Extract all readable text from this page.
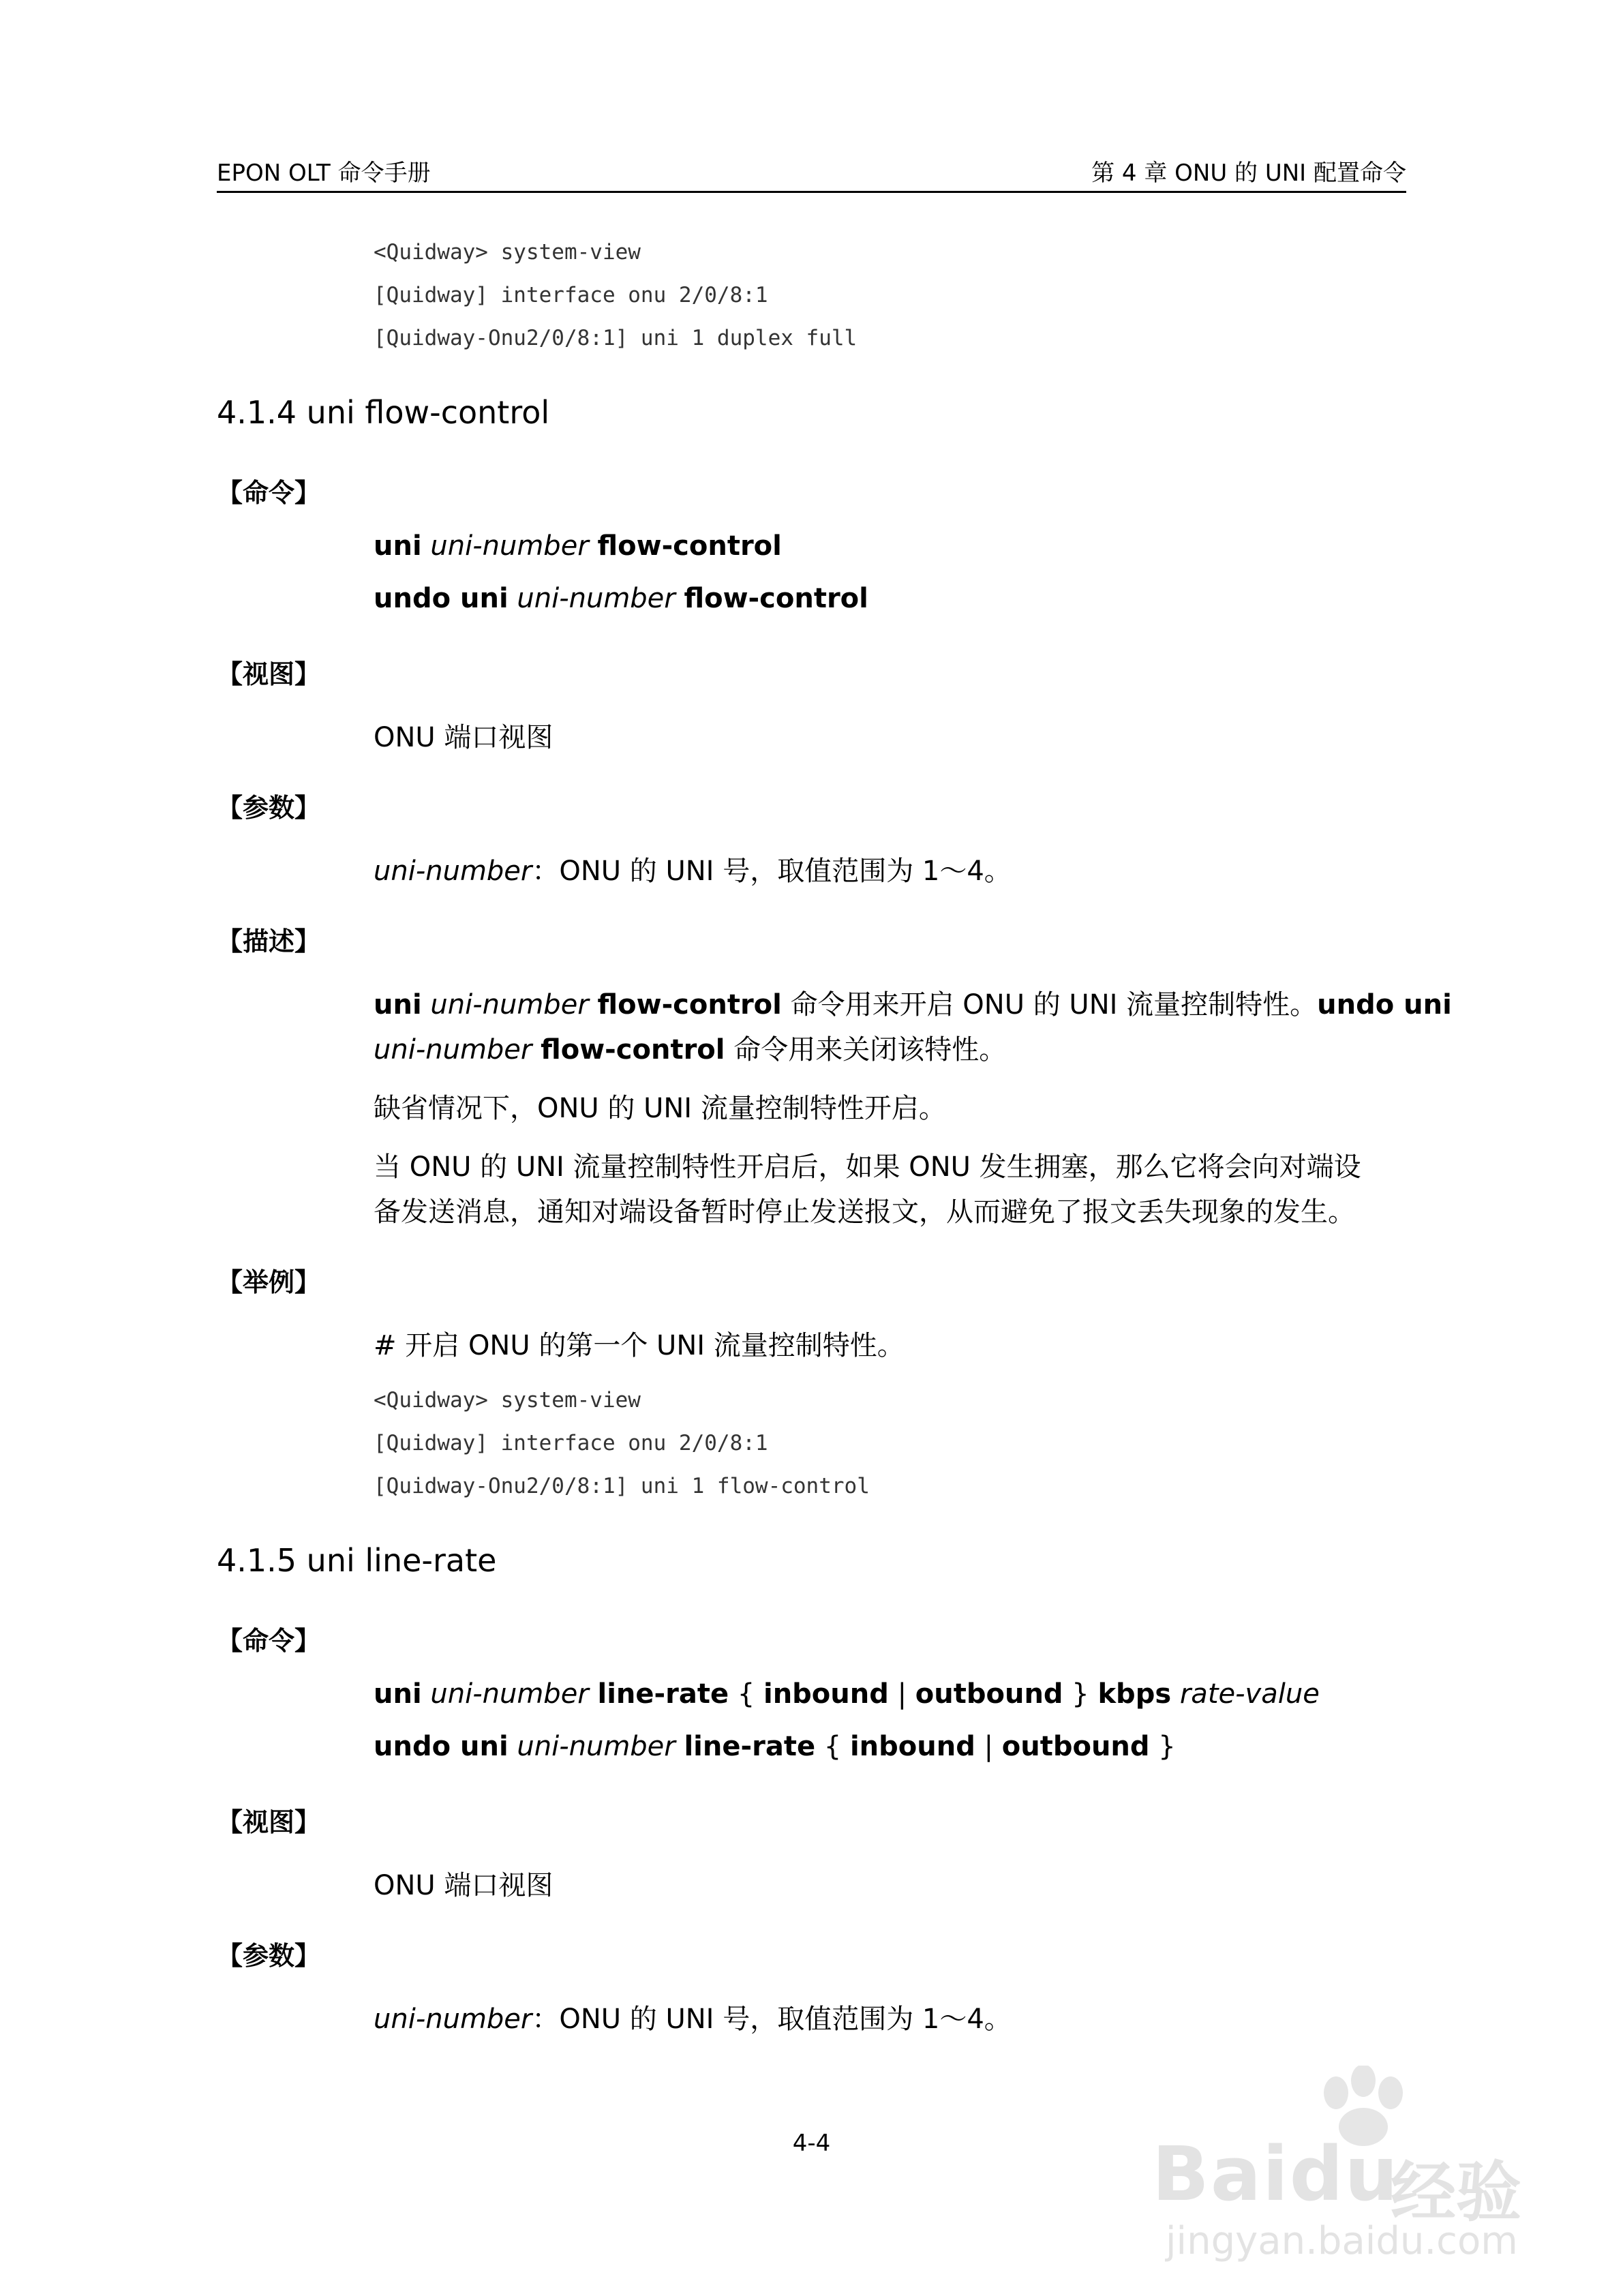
EPON OLT 命令手册	第 4 章 ONU 的 UNI 配置命令
<Quidway> system-view
[Quidway] interface onu 2/0/8:1
[Quidway-Onu2/0/8:1] uni 1 duplex full
4.1.4 uni flow-control
【命令】
uni uni-number flow-control
undo uni uni-number flow-control
【视图】
ONU 端口视图
【参数】
uni-number：ONU 的 UNI 号，取值范围为 1～4。
【描述】
uni uni-number flow-control 命令用来开启 ONU 的 UNI 流量控制特性。undo uni
uni-number flow-control 命令用来关闭该特性。
缺省情况下，ONU 的 UNI 流量控制特性开启。
当 ONU 的 UNI 流量控制特性开启后，如果 ONU 发生拥塞，那么它将会向对端设
备发送消息，通知对端设备暂时停止发送报文，从而避免了报文丢失现象的发生。
【举例】
# 开启 ONU 的第一个 UNI 流量控制特性。
<Quidway> system-view
[Quidway] interface onu 2/0/8:1
[Quidway-Onu2/0/8:1] uni 1 flow-control
4.1.5 uni line-rate
【命令】
uni uni-number line-rate { inbound | outbound } kbps rate-value
undo uni uni-number line-rate { inbound | outbound }
【视图】
ONU 端口视图
【参数】
uni-number：ONU 的 UNI 号，取值范围为 1～4。
4-4	Baidu
经验
jingyan.baidu.com
